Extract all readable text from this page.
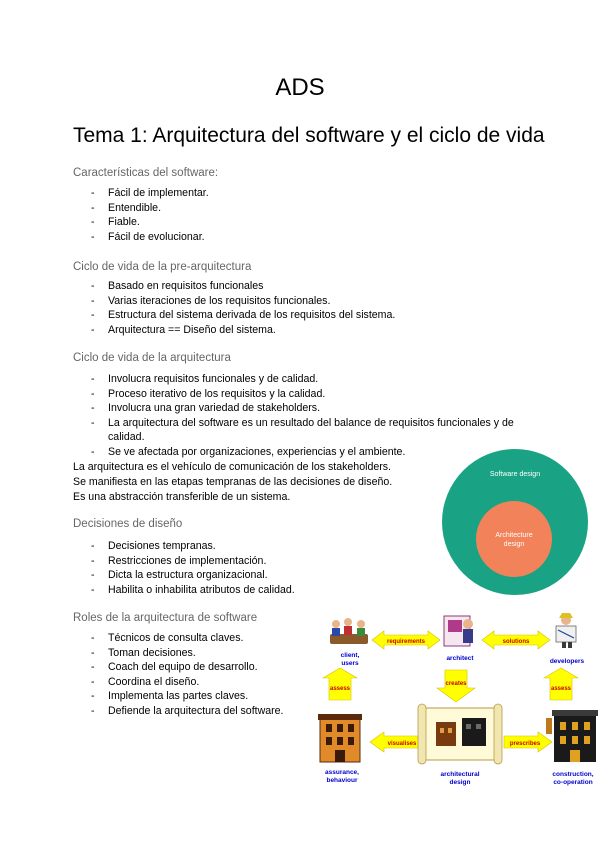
ADS
Tema 1: Arquitectura del software y el ciclo de vida
Características del software:
- Fácil de implementar.
- Entendible.
- Fiable.
- Fácil de evolucionar.
Ciclo de vida de la pre-arquitectura
- Basado en requisitos funcionales
- Varias iteraciones de los requisitos funcionales.
- Estructura del sistema derivada de los requisitos del sistema.
- Arquitectura == Diseño del sistema.
Ciclo de vida de la arquitectura
- Involucra requisitos funcionales y de calidad.
- Proceso iterativo de los requisitos y la calidad.
- Involucra una gran variedad de stakeholders.
- La arquitectura del software es un resultado del balance de requisitos funcionales y de calidad.
- Se ve afectada por organizaciones, experiencias y el ambiente.
La arquitectura es el vehículo de comunicación de los stakeholders.
Se manifiesta en las etapas tempranas de las decisiones de diseño.
Es una abstracción transferible de un sistema.
Decisiones de diseño
- Decisiones tempranas.
- Restricciones de implementación.
- Dicta la estructura organizacional.
- Habilita o inhabilita atributos de calidad.
Roles de la arquitectura de software
- Técnicos de consulta claves.
- Toman decisiones.
- Coach del equipo de desarrollo.
- Coordina el diseño.
- Implementa las partes claves.
- Defiende la arquitectura del software.
Software design
Architecture
design
requirements	solutions
assess
creates
assess
visualises	prescribes
client,
users
architect	developers
assurance,
behaviour
architectural
design
construction,
co-operation
